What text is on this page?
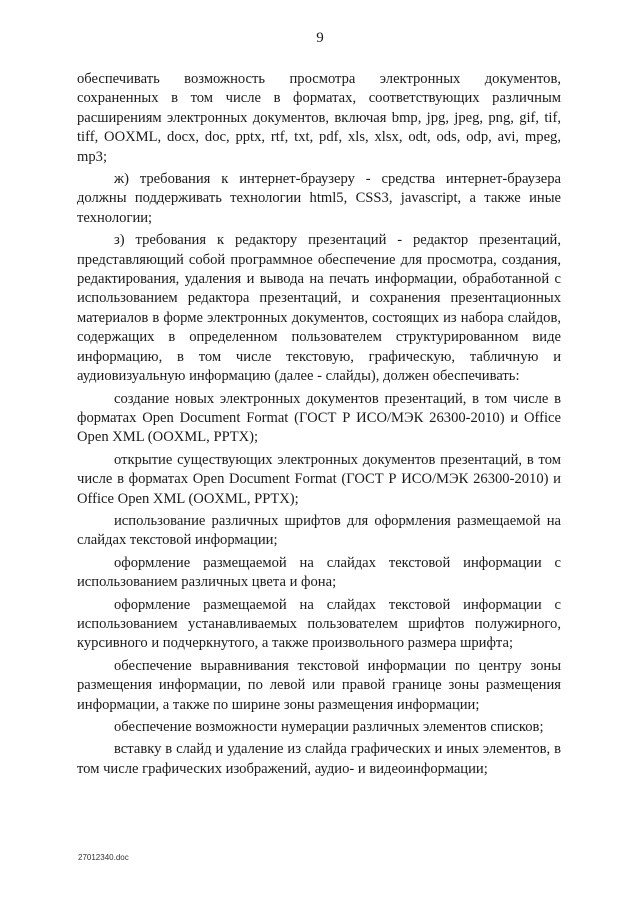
9

обеспечивать возможность просмотра электронных документов, сохраненных в том числе в форматах, соответствующих различным расширениям электронных документов, включая bmp, jpg, jpeg, png, gif, tif, tiff, OOXML, docx, doc, pptx, rtf, txt, pdf, xls, xlsx, odt, ods, odp, avi, mpeg, mp3;

ж) требования к интернет-браузеру - средства интернет-браузера должны поддерживать технологии html5, CSS3, javascript, а также иные технологии;

з) требования к редактору презентаций - редактор презентаций, представляющий собой программное обеспечение для просмотра, создания, редактирования, удаления и вывода на печать информации, обработанной с использованием редактора презентаций, и сохранения презентационных материалов в форме электронных документов, состоящих из набора слайдов, содержащих в определенном пользователем структурированном виде информацию, в том числе текстовую, графическую, табличную и аудиовизуальную информацию (далее - слайды), должен обеспечивать:

создание новых электронных документов презентаций, в том числе в форматах Open Document Format (ГОСТ Р ИСО/МЭК 26300-2010) и Office Open XML (OOXML, PPTX);

открытие существующих электронных документов презентаций, в том числе в форматах Open Document Format (ГОСТ Р ИСО/МЭК 26300-2010) и Office Open XML (OOXML, PPTX);

использование различных шрифтов для оформления размещаемой на слайдах текстовой информации;

оформление размещаемой на слайдах текстовой информации с использованием различных цвета и фона;

оформление размещаемой на слайдах текстовой информации с использованием устанавливаемых пользователем шрифтов полужирного, курсивного и подчеркнутого, а также произвольного размера шрифта;

обеспечение выравнивания текстовой информации по центру зоны размещения информации, по левой или правой границе зоны размещения информации, а также по ширине зоны размещения информации;

обеспечение возможности нумерации различных элементов списков;

вставку в слайд и удаление из слайда графических и иных элементов, в том числе графических изображений, аудио- и видеоинформации;

27012340.doc
